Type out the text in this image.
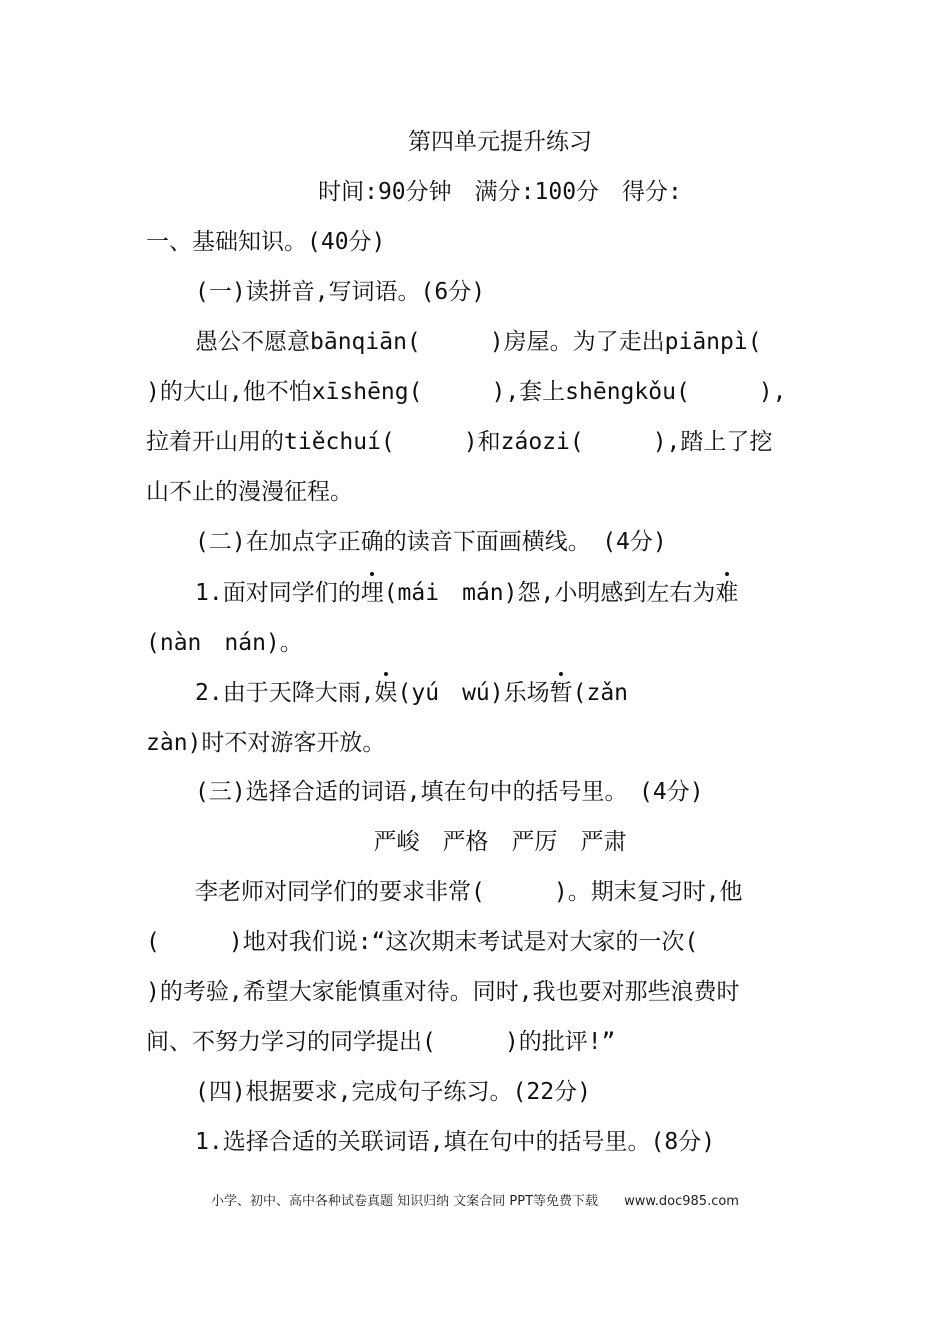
第四单元提升练习
时间:90分钟　满分:100分　得分:
一、基础知识。(40分)
(一)读拼音,写词语。(6分)
愚公不愿意bānqiān(　　　)房屋。为了走出piānpì(
)的大山,他不怕xīshēng(　　　),套上shēngkǒu(　　　),
拉着开山用的tiěchuí(　　　)和záozi(　　　),踏上了挖
山不止的漫漫征程。
(二)在加点字正确的读音下面画横线。　(4分)
1.面对同学们的埋(mái　mán)怨,小明感到左右为难
(nàn　nán)。
2.由于天降大雨,娱(yú　wú)乐场暂(zǎn
zàn)时不对游客开放。
(三)选择合适的词语,填在句中的括号里。　(4分)
严峻　严格　严厉　严肃
李老师对同学们的要求非常(　　　)。期末复习时,他
(　　　)地对我们说:“这次期末考试是对大家的一次(
)的考验,希望大家能慎重对待。同时,我也要对那些浪费时
间、不努力学习的同学提出(　　　)的批评!”
(四)根据要求,完成句子练习。(22分)
1.选择合适的关联词语,填在句中的括号里。(8分)
小学、初中、高中各种试卷真题 知识归纳 文案合同 PPT等免费下载 www.doc985.com
